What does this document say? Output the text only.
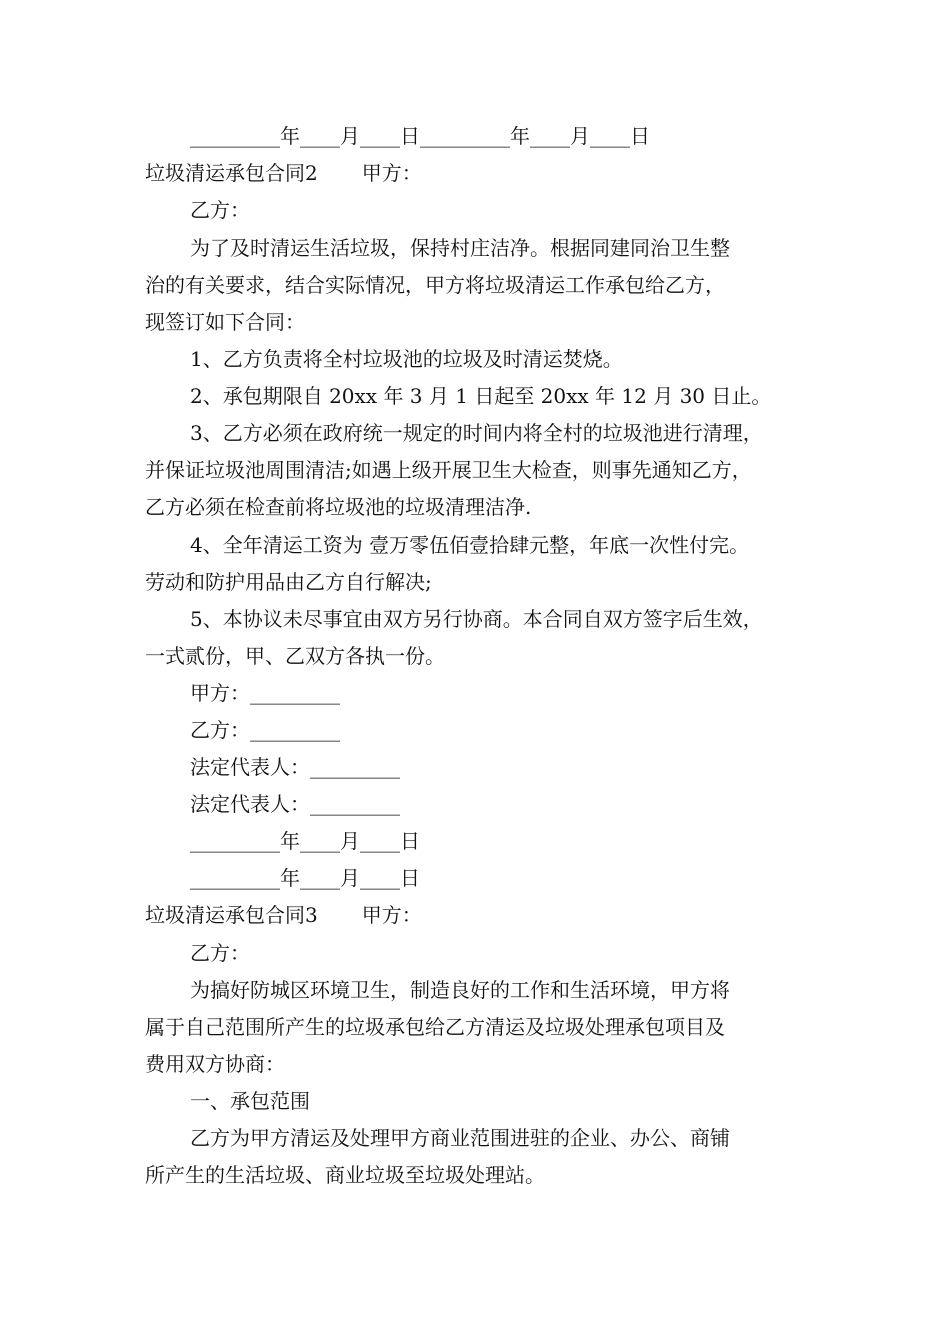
_________年____月____日_________年____月____日
垃圾清运承包合同2 甲方：
乙方：
为了及时清运生活垃圾，保持村庄洁净。根据同建同治卫生整
治的有关要求，结合实际情况，甲方将垃圾清运工作承包给乙方，
现签订如下合同：
1、乙方负责将全村垃圾池的垃圾及时清运焚烧。
2、承包期限自 20xx 年 3 月 1 日起至 20xx 年 12 月 30 日止。
3、乙方必须在政府统一规定的时间内将全村的垃圾池进行清理，
并保证垃圾池周围清洁;如遇上级开展卫生大检查，则事先通知乙方，
乙方必须在检查前将垃圾池的垃圾清理洁净.
4、全年清运工资为 壹万零伍佰壹拾肆元整，年底一次性付完。
劳动和防护用品由乙方自行解决;
5、本协议未尽事宜由双方另行协商。本合同自双方签字后生效，
一式贰份，甲、乙双方各执一份。
甲方：_________
乙方：_________
法定代表人：_________
法定代表人：_________
_________年____月____日
_________年____月____日
垃圾清运承包合同3 甲方：
乙方：
为搞好防城区环境卫生，制造良好的工作和生活环境，甲方将
属于自己范围所产生的垃圾承包给乙方清运及垃圾处理承包项目及
费用双方协商：
一、承包范围
乙方为甲方清运及处理甲方商业范围进驻的企业、办公、商铺
所产生的生活垃圾、商业垃圾至垃圾处理站。
